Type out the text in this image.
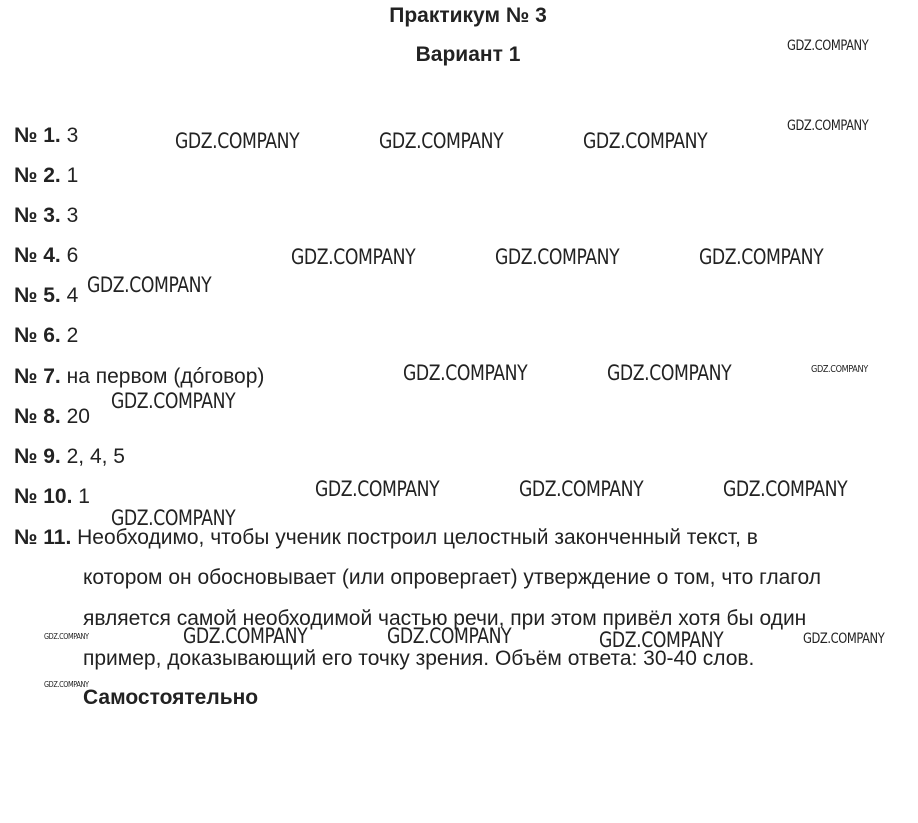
Практикум № 3
Вариант 1
№ 1. 3
№ 2. 1
№ 3. 3
№ 4. 6
№ 5. 4
№ 6. 2
№ 7. на первом (дóговор)
№ 8. 20
№ 9. 2, 4, 5
№ 10. 1
№ 11. Необходимо, чтобы ученик построил целостный законченный текст, в
котором он обосновывает (или опровергает) утверждение о том, что глагол
является самой необходимой частью речи, при этом привёл хотя бы один
пример, доказывающий его точку зрения. Объём ответа: 30-40 слов.
Самостоятельно
GDZ.COMPANY
GDZ.COMPANY
GDZ.COMPANY	GDZ.COMPANY	GDZ.COMPANY
GDZ.COMPANY	GDZ.COMPANY	GDZ.COMPANY
GDZ.COMPANY
GDZ.COMPANY	GDZ.COMPANY	GDZ.COMPANY
GDZ.COMPANY
GDZ.COMPANY	GDZ.COMPANY	GDZ.COMPANY
GDZ.COMPANY
GDZ.COMPANY	GDZ.COMPANY	GDZ.COMPANY	GDZ.COMPANY	GDZ.COMPANY
GDZ.COMPANY
